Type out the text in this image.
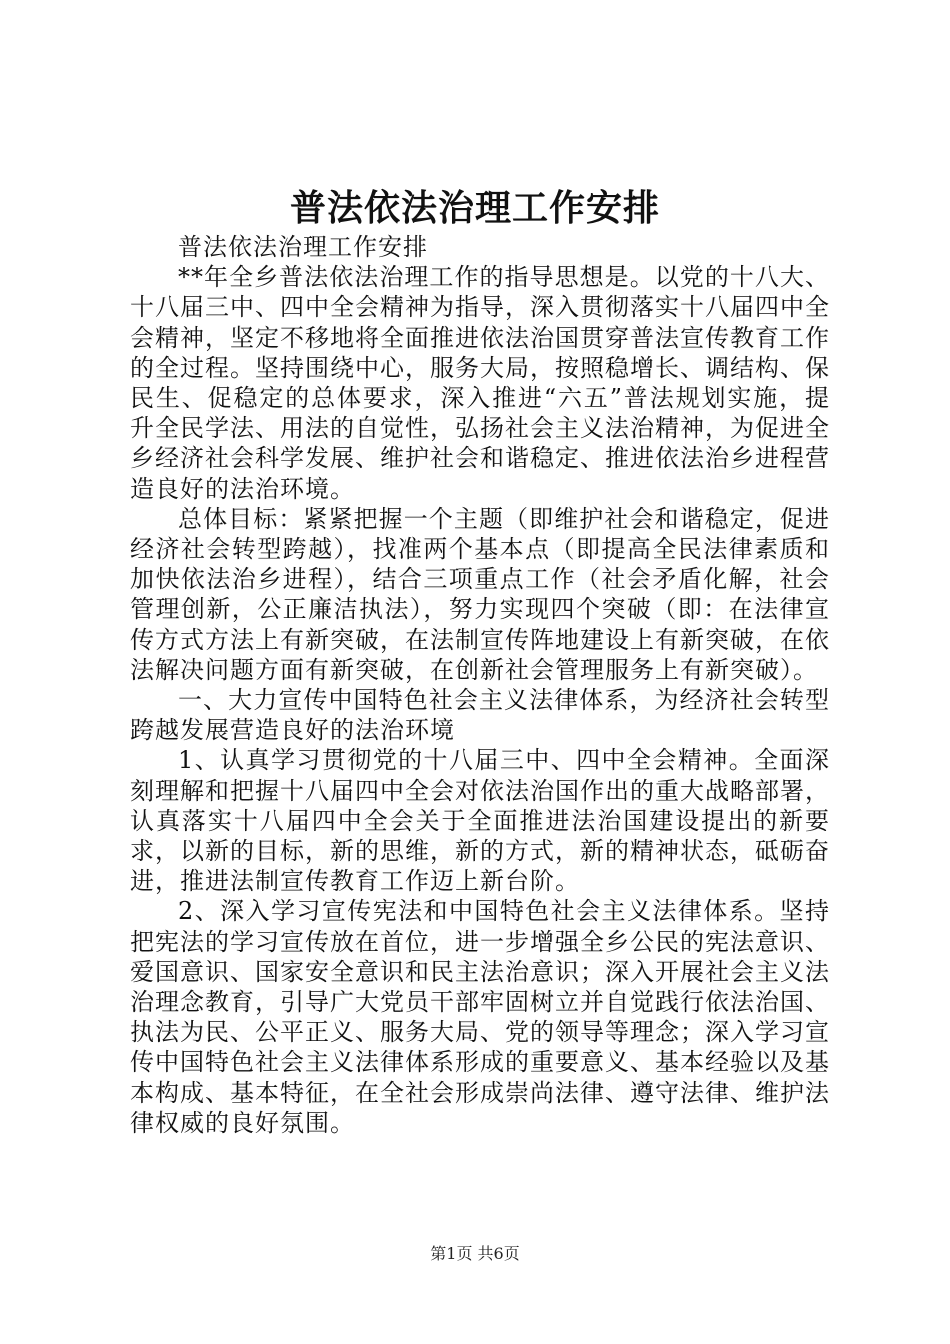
普法依法治理工作安排

普法依法治理工作安排

**年全乡普法依法治理工作的指导思想是。以党的十八大、十八届三中、四中全会精神为指导，深入贯彻落实十八届四中全会精神，坚定不移地将全面推进依法治国贯穿普法宣传教育工作的全过程。坚持围绕中心，服务大局，按照稳增长、调结构、保民生、促稳定的总体要求，深入推进“六五”普法规划实施，提升全民学法、用法的自觉性，弘扬社会主义法治精神，为促进全乡经济社会科学发展、维护社会和谐稳定、推进依法治乡进程营造良好的法治环境。

总体目标：紧紧把握一个主题（即维护社会和谐稳定，促进经济社会转型跨越），找准两个基本点（即提高全民法律素质和加快依法治乡进程），结合三项重点工作（社会矛盾化解，社会管理创新，公正廉洁执法），努力实现四个突破（即：在法律宣传方式方法上有新突破，在法制宣传阵地建设上有新突破，在依法解决问题方面有新突破，在创新社会管理服务上有新突破）。

一、大力宣传中国特色社会主义法律体系，为经济社会转型跨越发展营造良好的法治环境

1、认真学习贯彻党的十八届三中、四中全会精神。全面深刻理解和把握十八届四中全会对依法治国作出的重大战略部署，认真落实十八届四中全会关于全面推进法治国建设提出的新要求，以新的目标，新的思维，新的方式，新的精神状态，砥砺奋进，推进法制宣传教育工作迈上新台阶。

2、深入学习宣传宪法和中国特色社会主义法律体系。坚持把宪法的学习宣传放在首位，进一步增强全乡公民的宪法意识、爱国意识、国家安全意识和民主法治意识；深入开展社会主义法治理念教育，引导广大党员干部牢固树立并自觉践行依法治国、执法为民、公平正义、服务大局、党的领导等理念；深入学习宣传中国特色社会主义法律体系形成的重要意义、基本经验以及基本构成、基本特征，在全社会形成崇尚法律、遵守法律、维护法律权威的良好氛围。

第1页 共6页
